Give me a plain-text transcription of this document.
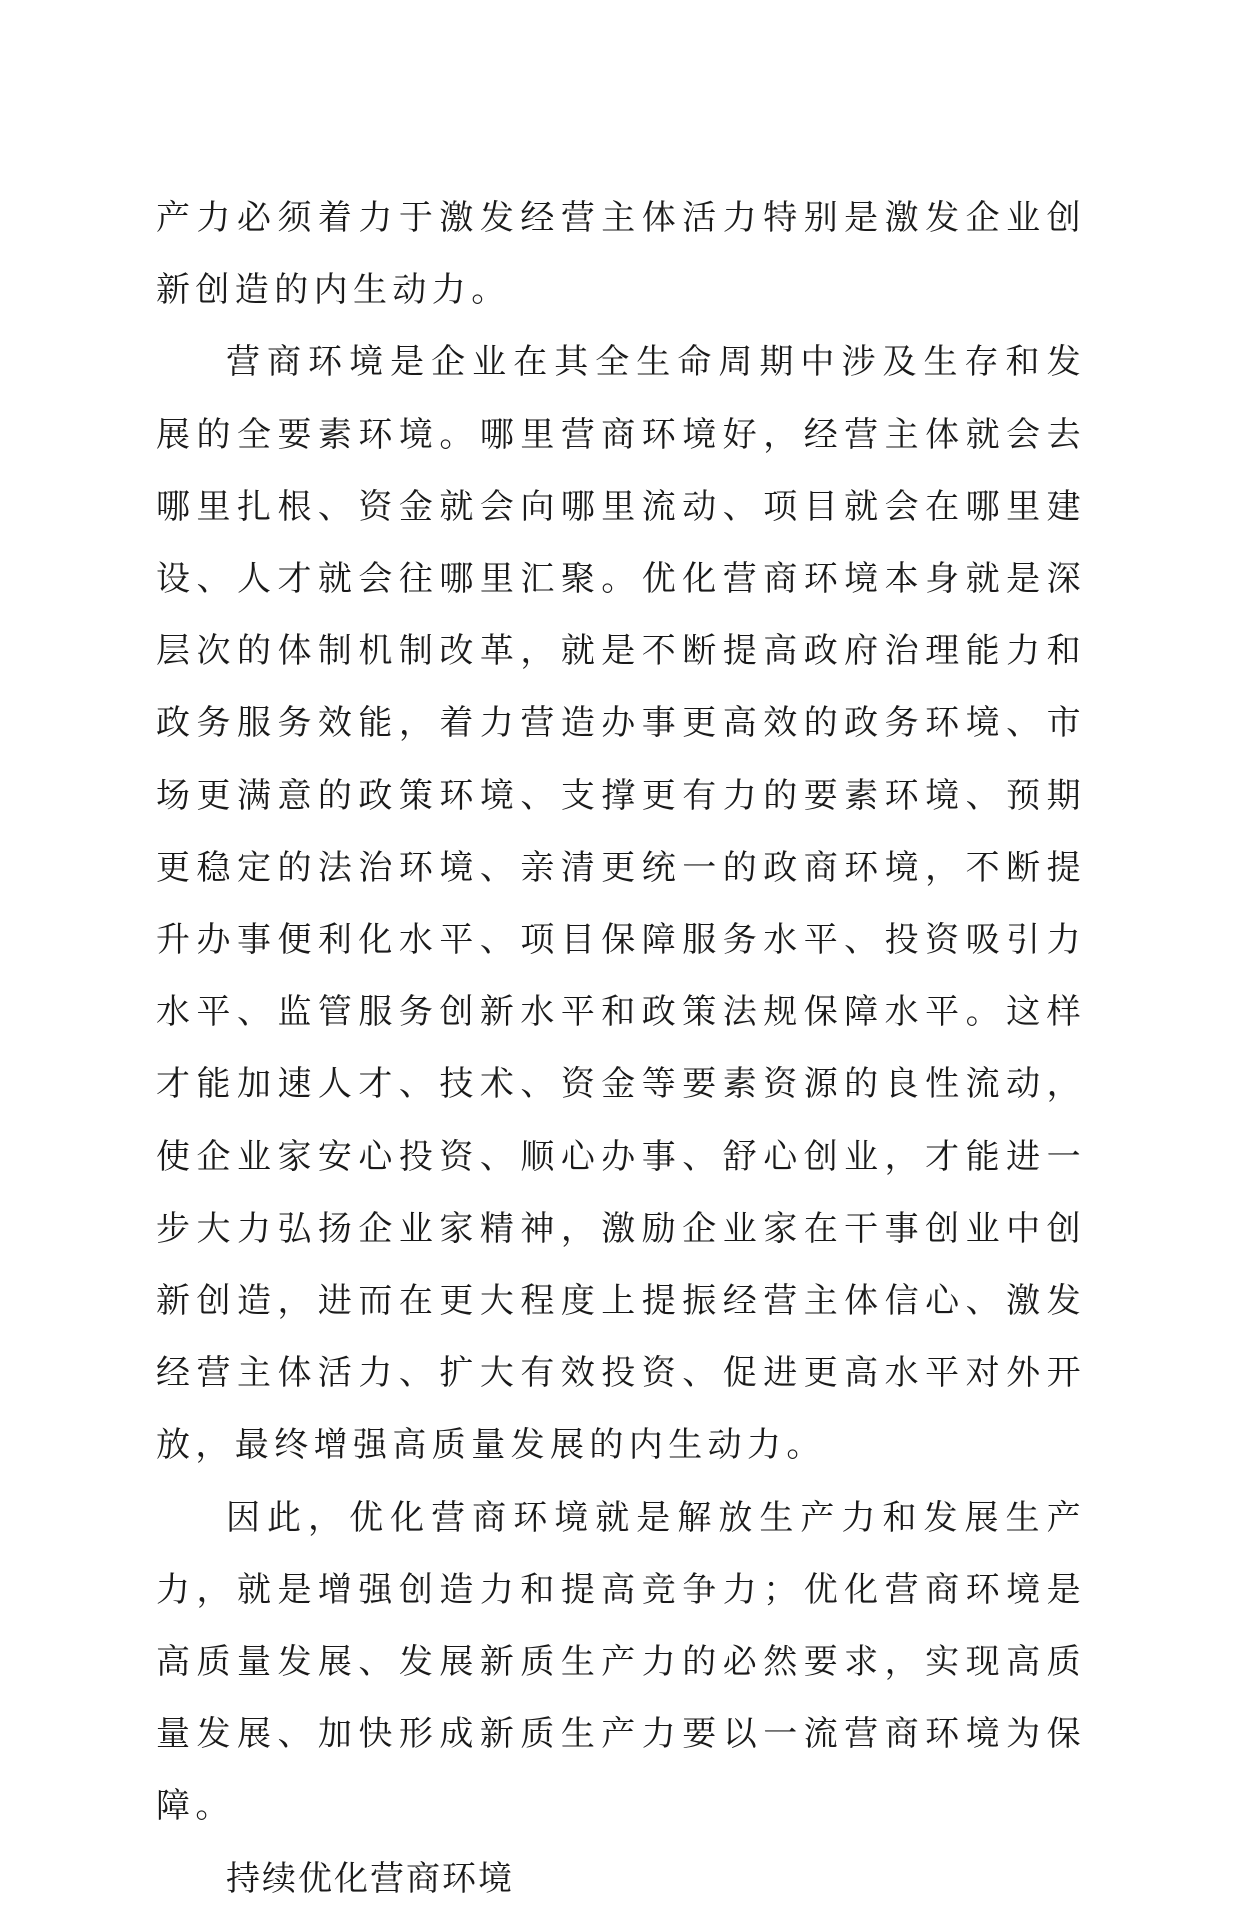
产力必须着力于激发经营主体活力特别是激发企业创新创造的内生动力。

营商环境是企业在其全生命周期中涉及生存和发展的全要素环境。哪里营商环境好，经营主体就会去哪里扎根、资金就会向哪里流动、项目就会在哪里建设、人才就会往哪里汇聚。优化营商环境本身就是深层次的体制机制改革，就是不断提高政府治理能力和政务服务效能，着力营造办事更高效的政务环境、市场更满意的政策环境、支撑更有力的要素环境、预期更稳定的法治环境、亲清更统一的政商环境，不断提升办事便利化水平、项目保障服务水平、投资吸引力水平、监管服务创新水平和政策法规保障水平。这样才能加速人才、技术、资金等要素资源的良性流动，使企业家安心投资、顺心办事、舒心创业，才能进一步大力弘扬企业家精神，激励企业家在干事创业中创新创造，进而在更大程度上提振经营主体信心、激发经营主体活力、扩大有效投资、促进更高水平对外开放，最终增强高质量发展的内生动力。

因此，优化营商环境就是解放生产力和发展生产力，就是增强创造力和提高竞争力；优化营商环境是高质量发展、发展新质生产力的必然要求，实现高质量发展、加快形成新质生产力要以一流营商环境为保障。

持续优化营商环境
